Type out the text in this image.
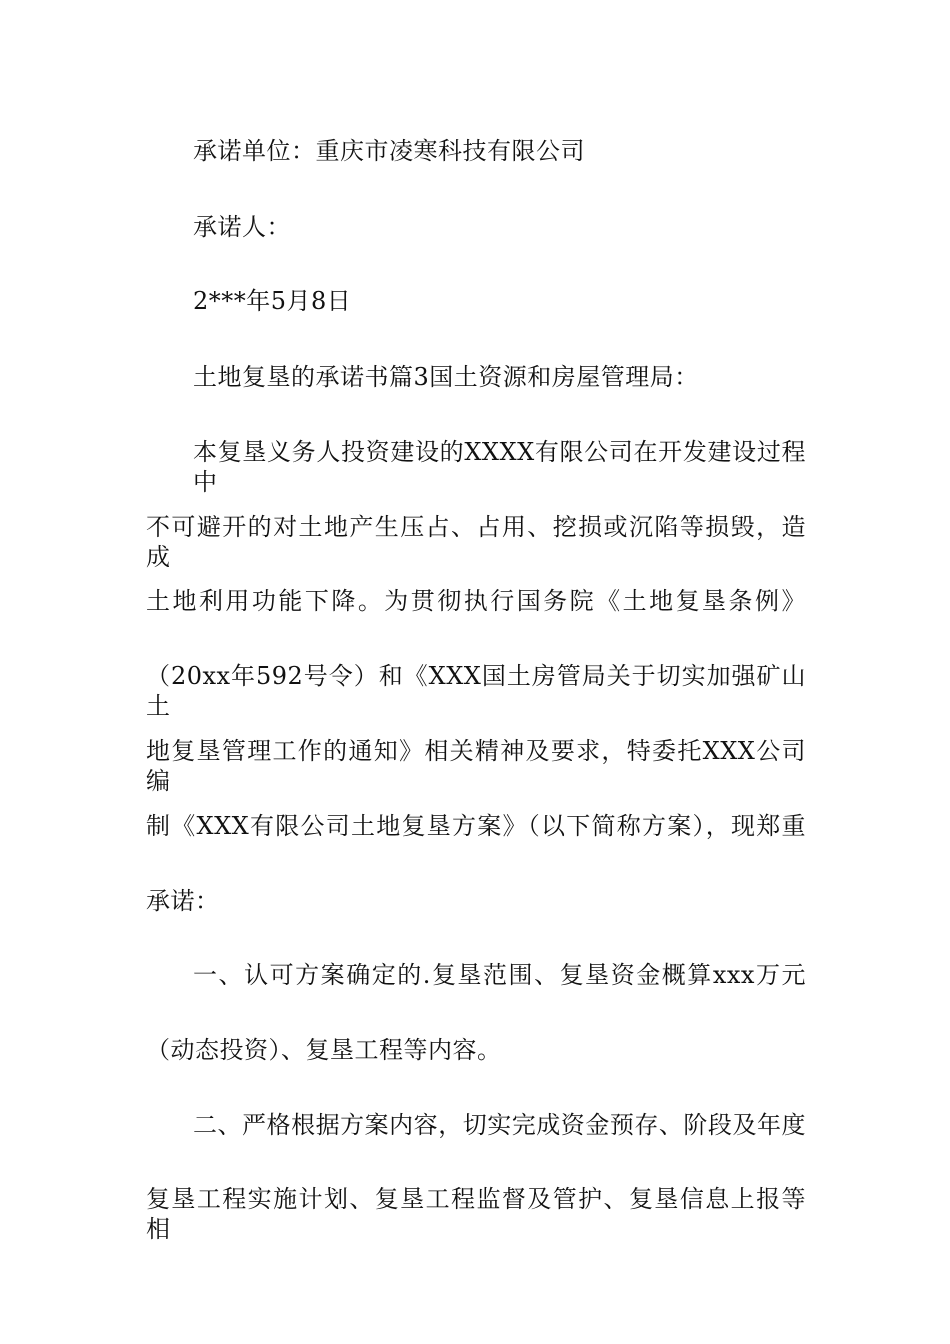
承诺单位：重庆市凌寒科技有限公司
承诺人：
2***年5月8日
土地复垦的承诺书篇3国土资源和房屋管理局：
本复垦义务人投资建设的XXXX有限公司在开发建设过程中
不可避开的对土地产生压占、占用、挖损或沉陷等损毁，造成
土地利用功能下降。为贯彻执行国务院《土地复垦条例》
（20xx年592号令）和《XXX国土房管局关于切实加强矿山土
地复垦管理工作的通知》相关精神及要求，特委托XXX公司编
制《XXX有限公司土地复垦方案》（以下简称方案），现郑重
承诺：
一、认可方案确定的.复垦范围、复垦资金概算xxx万元
（动态投资）、复垦工程等内容。
二、严格根据方案内容，切实完成资金预存、阶段及年度
复垦工程实施计划、复垦工程监督及管护、复垦信息上报等相
